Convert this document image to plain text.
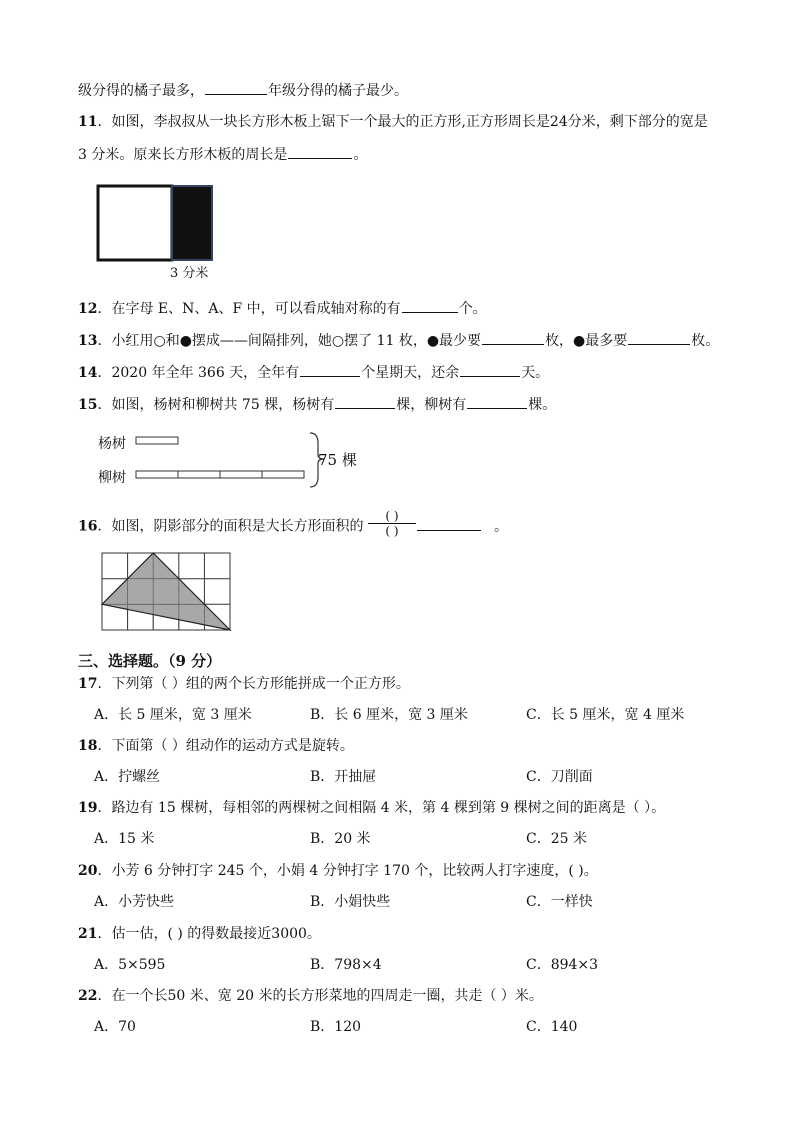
级分得的橘子最多，	年级分得的橘子最少。
11．如图，李叔叔从一块长方形木板上锯下一个最大的正方形,正方形周长是24分米，剩下部分的宽是
3 分米。原来长方形木板的周长是	。
3 分米
12．在字母 E、N、A、F 中，可以看成轴对称的有	个。
13．小红用○和●摆成——间隔排列，她○摆了 11 枚，●最少要	枚，●最多要	枚。
14．2020 年全年 366 天，全年有	个星期天，还余	天。
15．如图，杨树和柳树共 75 棵，杨树有	棵，柳树有	棵。
杨树
柳树
75 棵
16．如图，阴影部分的面积是大长方形面积的 $\frac{( )}{( )}$	。
三、选择题。（9 分）
17．下列第（ ）组的两个长方形能拼成一个正方形。
A．长 5 厘米，宽 3 厘米	B．长 6 厘米，宽 3 厘米	C．长 5 厘米，宽 4 厘米
18．下面第（ ）组动作的运动方式是旋转。
A．拧螺丝	B．开抽屉	C．刀削面
19．路边有 15 棵树，每相邻的两棵树之间相隔 4 米，第 4 棵到第 9 棵树之间的距离是（ ）。
A．15 米	B．20 米	C．25 米
20．小芳 6 分钟打字 245 个，小娟 4 分钟打字 170 个，比较两人打字速度，( )。
A．小芳快些	B．小娟快些	C．一样快
21．估一估，( ) 的得数最接近3000。
A．5×595	B．798×4	C．894×3
22．在一个长50 米、宽 20 米的长方形菜地的四周走一圈，共走（ ）米。
A．70	B．120	C．140
